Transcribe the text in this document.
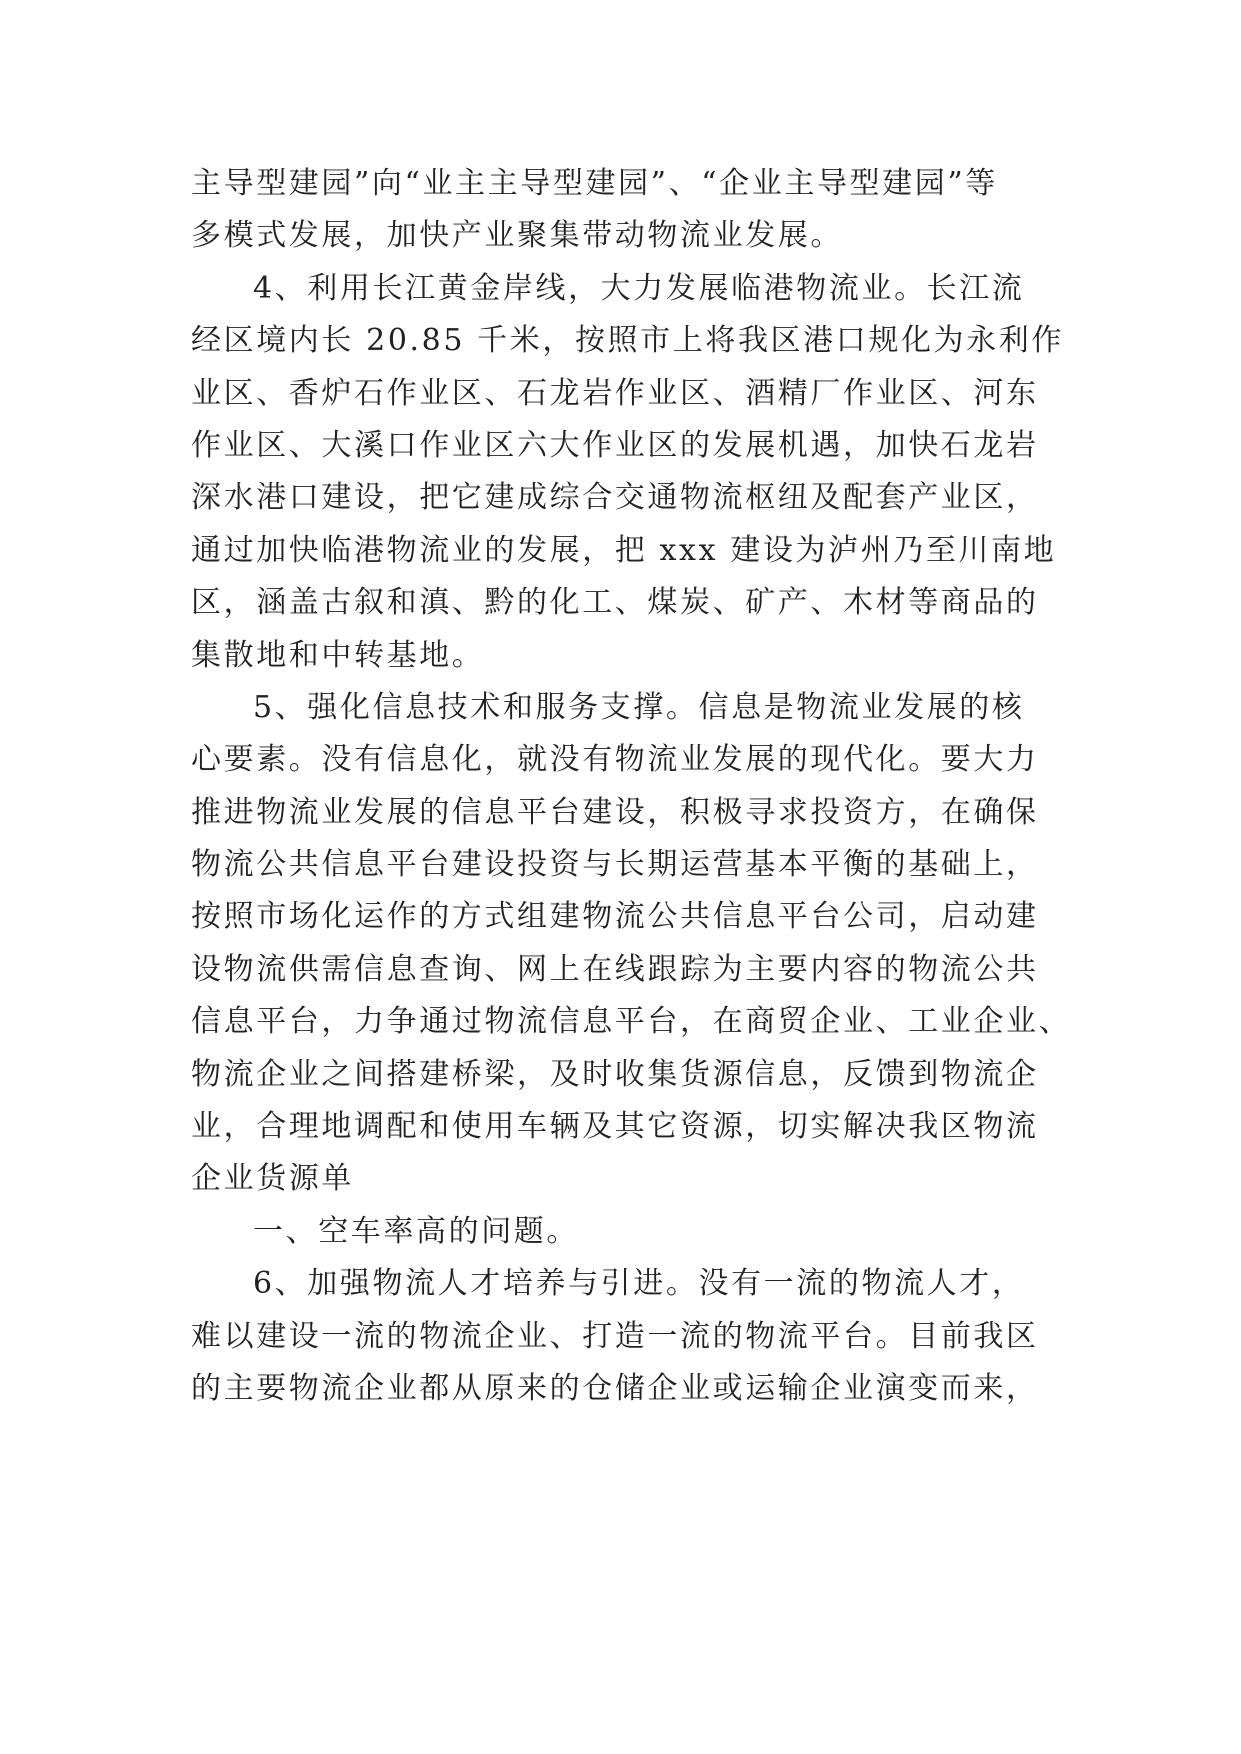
主导型建园”向“业主主导型建园”、“企业主导型建园”等
多模式发展，加快产业聚集带动物流业发展。
4、利用长江黄金岸线，大力发展临港物流业。长江流
经区境内长 20.85 千米，按照市上将我区港口规化为永利作
业区、香炉石作业区、石龙岩作业区、酒精厂作业区、河东
作业区、大溪口作业区六大作业区的发展机遇，加快石龙岩
深水港口建设，把它建成综合交通物流枢纽及配套产业区，
通过加快临港物流业的发展，把 xxx 建设为泸州乃至川南地
区，涵盖古叙和滇、黔的化工、煤炭、矿产、木材等商品的
集散地和中转基地。
5、强化信息技术和服务支撑。信息是物流业发展的核
心要素。没有信息化，就没有物流业发展的现代化。要大力
推进物流业发展的信息平台建设，积极寻求投资方，在确保
物流公共信息平台建设投资与长期运营基本平衡的基础上，
按照市场化运作的方式组建物流公共信息平台公司，启动建
设物流供需信息查询、网上在线跟踪为主要内容的物流公共
信息平台，力争通过物流信息平台，在商贸企业、工业企业、
物流企业之间搭建桥梁，及时收集货源信息，反馈到物流企
业，合理地调配和使用车辆及其它资源，切实解决我区物流
企业货源单
一、空车率高的问题。
6、加强物流人才培养与引进。没有一流的物流人才，
难以建设一流的物流企业、打造一流的物流平台。目前我区
的主要物流企业都从原来的仓储企业或运输企业演变而来，
